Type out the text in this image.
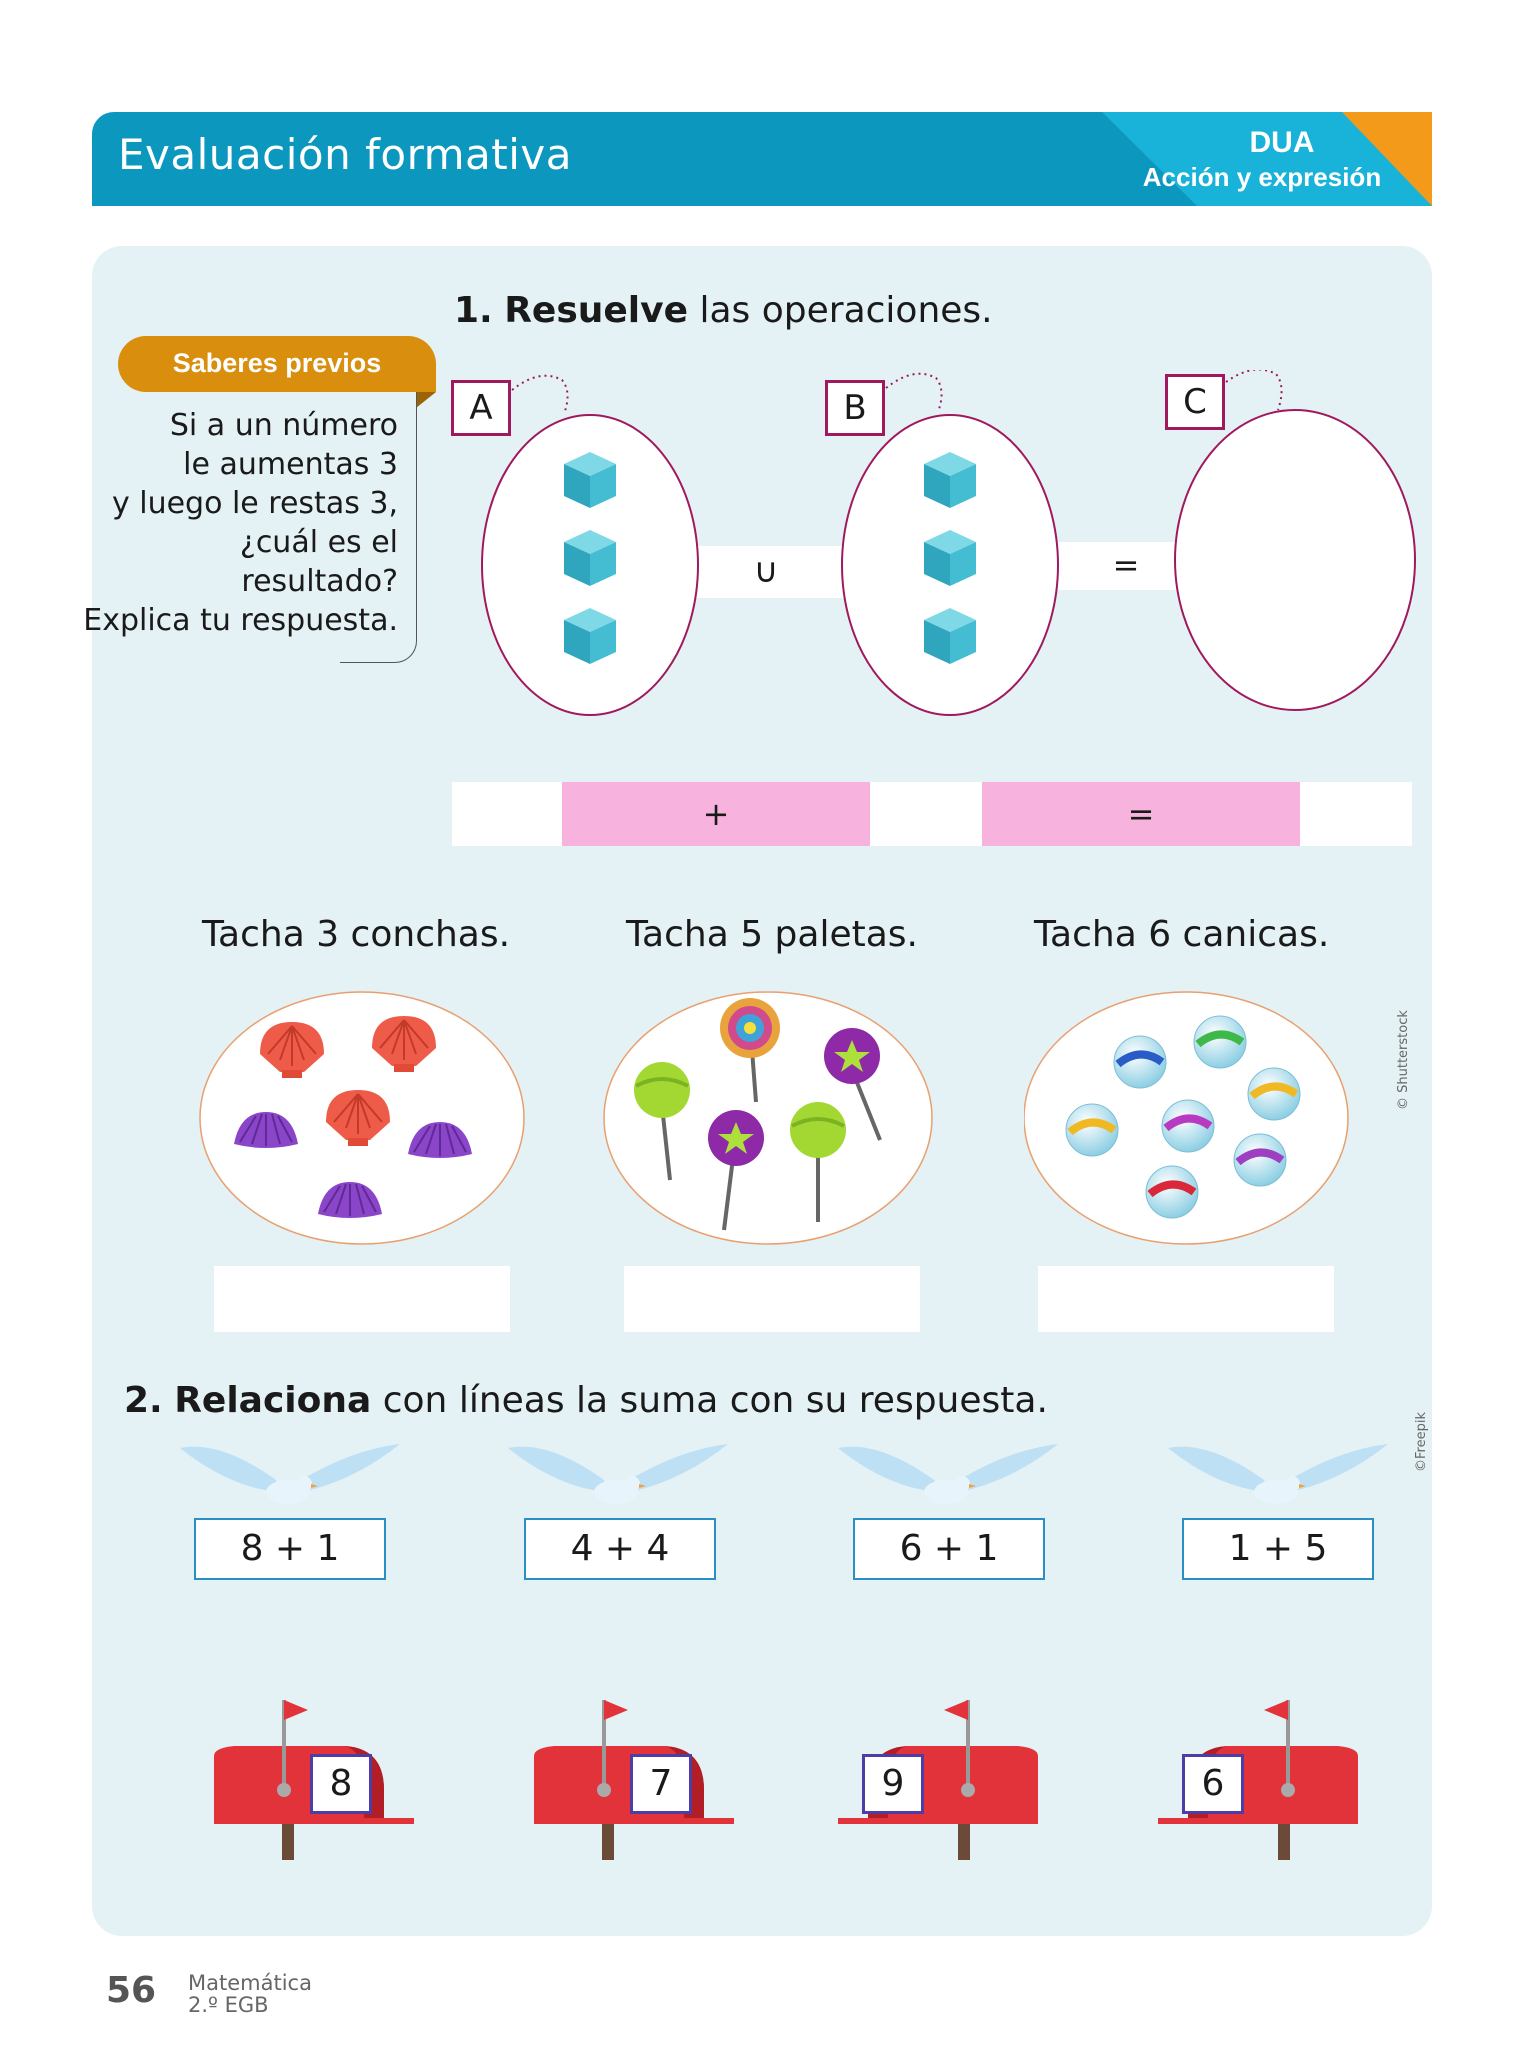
Evaluación formativa	DUA
Acción y expresión
1. Resuelve las operaciones.
Saberes previos
Si a un número
le aumentas 3
y luego le restas 3,
¿cuál es el
resultado?
Explica tu respuesta.
∪	=
A	B	C
+	=
Tacha 3 conchas.	Tacha 5 paletas.	Tacha 6 canicas.
© Shutterstock
©Freepik
2. Relaciona con líneas la suma con su respuesta.
8 + 1	4 + 4	6 + 1	1 + 5
8	7	9	6
56 Matemática
2.º EGB
